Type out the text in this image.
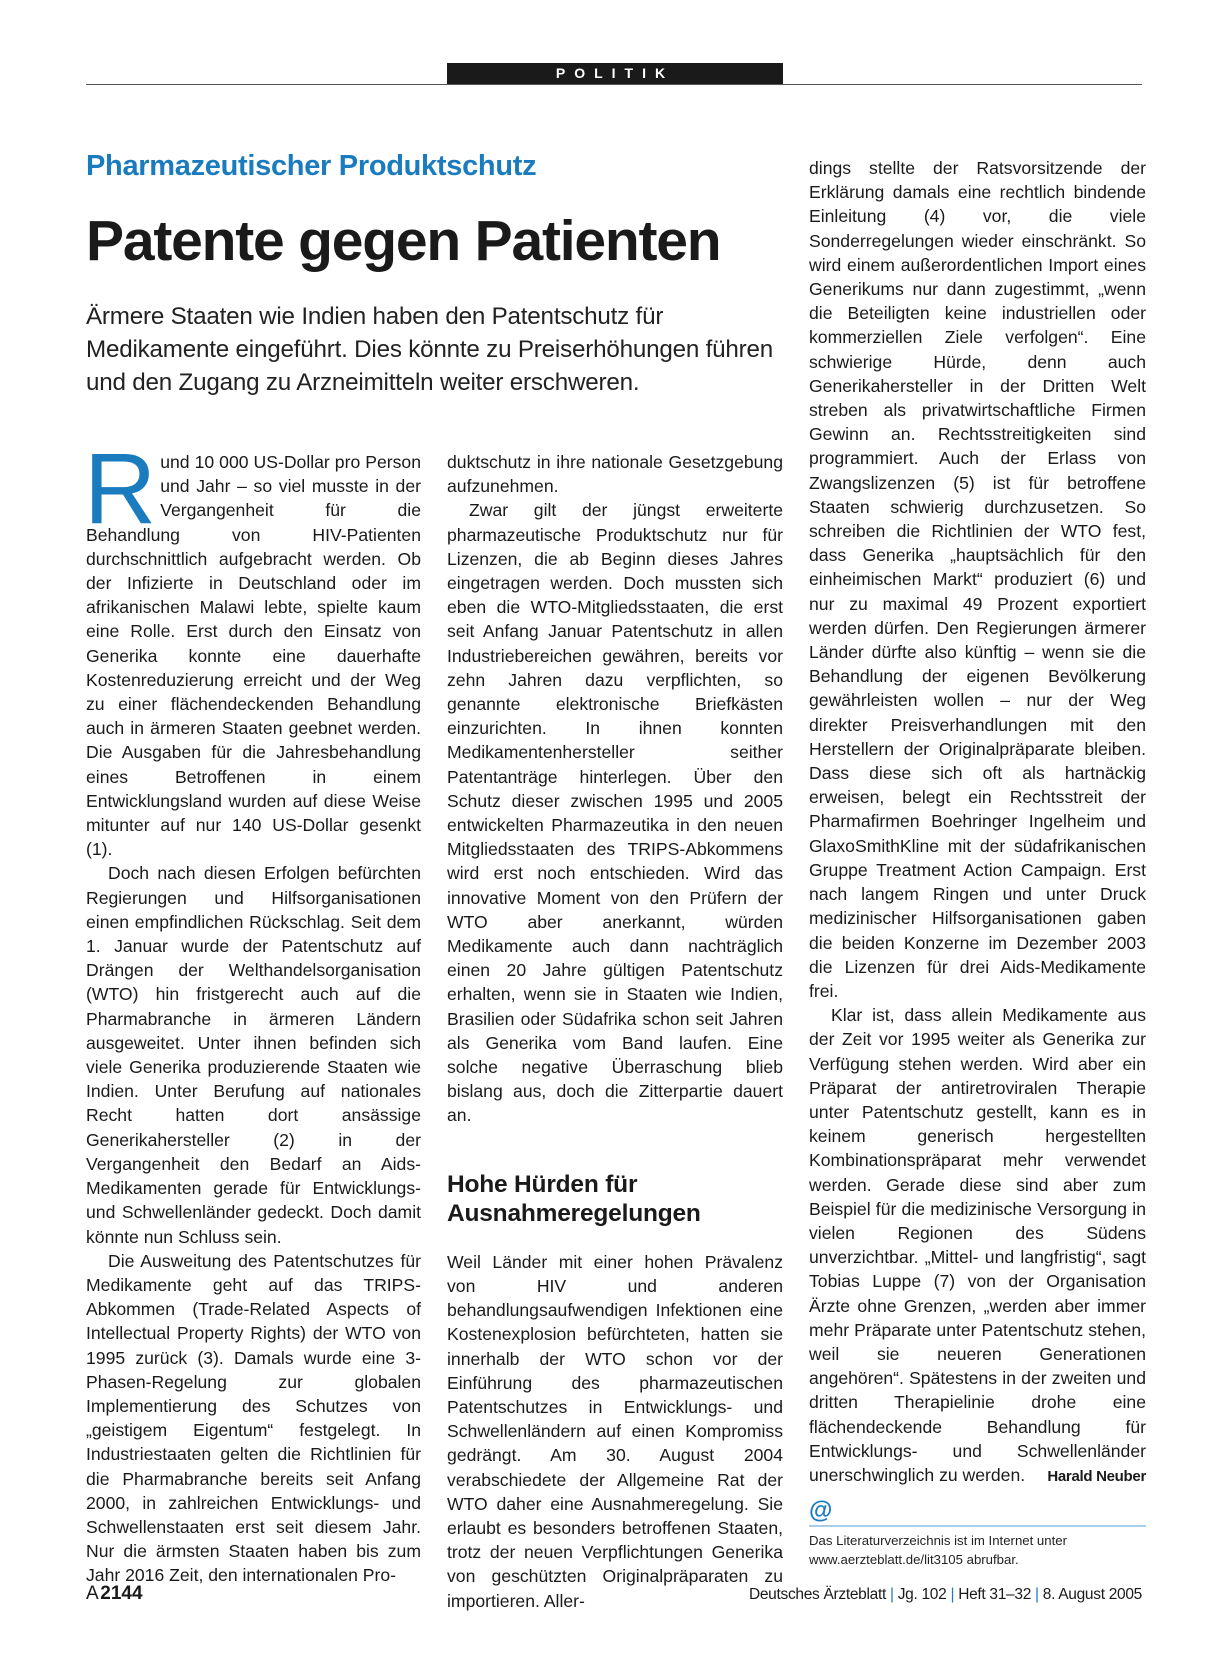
POLITIK
Pharmazeutischer Produktschutz
Patente gegen Patienten
Ärmere Staaten wie Indien haben den Patentschutz für Medikamente eingeführt. Dies könnte zu Preiserhöhungen führen und den Zugang zu Arzneimitteln weiter erschweren.

Rund 10 000 US-Dollar pro Person und Jahr – so viel musste in der Vergangenheit für die Behandlung von HIV-Patienten durchschnittlich aufgebracht werden. Ob der Infizierte in Deutschland oder im afrikanischen Malawi lebte, spielte kaum eine Rolle. Erst durch den Einsatz von Generika konnte eine dauerhafte Kostenreduzierung erreicht und der Weg zu einer flächendeckenden Behandlung auch in ärmeren Staaten geebnet werden. Die Ausgaben für die Jahresbehandlung eines Betroffenen in einem Entwicklungsland wurden auf diese Weise mitunter auf nur 140 US-Dollar gesenkt (1).

Doch nach diesen Erfolgen befürchten Regierungen und Hilfsorganisationen einen empfindlichen Rückschlag. Seit dem 1. Januar wurde der Patentschutz auf Drängen der Welthandelsorganisation (WTO) hin fristgerecht auch auf die Pharmabranche in ärmeren Ländern ausgeweitet. Unter ihnen befinden sich viele Generika produzierende Staaten wie Indien. Unter Berufung auf nationales Recht hatten dort ansässige Generikahersteller (2) in der Vergangenheit den Bedarf an Aids-Medikamenten gerade für Entwicklungs- und Schwellenländer gedeckt. Doch damit könnte nun Schluss sein.

Die Ausweitung des Patentschutzes für Medikamente geht auf das TRIPS-Abkommen (Trade-Related Aspects of Intellectual Property Rights) der WTO von 1995 zurück (3). Damals wurde eine 3-Phasen-Regelung zur globalen Implementierung des Schutzes von „geistigem Eigentum“ festgelegt. In Industriestaaten gelten die Richtlinien für die Pharmabranche bereits seit Anfang 2000, in zahlreichen Entwicklungs- und Schwellenstaaten erst seit diesem Jahr. Nur die ärmsten Staaten haben bis zum Jahr 2016 Zeit, den internationalen Pro-

duktschutz in ihre nationale Gesetzgebung aufzunehmen.

Zwar gilt der jüngst erweiterte pharmazeutische Produktschutz nur für Lizenzen, die ab Beginn dieses Jahres eingetragen werden. Doch mussten sich eben die WTO-Mitgliedsstaaten, die erst seit Anfang Januar Patentschutz in allen Industriebereichen gewähren, bereits vor zehn Jahren dazu verpflichten, so genannte elektronische Briefkästen einzurichten. In ihnen konnten Medikamentenhersteller seither Patentanträge hinterlegen. Über den Schutz dieser zwischen 1995 und 2005 entwickelten Pharmazeutika in den neuen Mitgliedsstaaten des TRIPS-Abkommens wird erst noch entschieden. Wird das innovative Moment von den Prüfern der WTO aber anerkannt, würden Medikamente auch dann nachträglich einen 20 Jahre gültigen Patentschutz erhalten, wenn sie in Staaten wie Indien, Brasilien oder Südafrika schon seit Jahren als Generika vom Band laufen. Eine solche negative Überraschung blieb bislang aus, doch die Zitterpartie dauert an.

Hohe Hürden für Ausnahmeregelungen

Weil Länder mit einer hohen Prävalenz von HIV und anderen behandlungsaufwendigen Infektionen eine Kostenexplosion befürchteten, hatten sie innerhalb der WTO schon vor der Einführung des pharmazeutischen Patentschutzes in Entwicklungs- und Schwellenländern auf einen Kompromiss gedrängt. Am 30. August 2004 verabschiedete der Allgemeine Rat der WTO daher eine Ausnahmeregelung. Sie erlaubt es besonders betroffenen Staaten, trotz der neuen Verpflichtungen Generika von geschützten Originalpräparaten zu importieren. Aller-

dings stellte der Ratsvorsitzende der Erklärung damals eine rechtlich bindende Einleitung (4) vor, die viele Sonderregelungen wieder einschränkt. So wird einem außerordentlichen Import eines Generikums nur dann zugestimmt, „wenn die Beteiligten keine industriellen oder kommerziellen Ziele verfolgen“. Eine schwierige Hürde, denn auch Generikahersteller in der Dritten Welt streben als privatwirtschaftliche Firmen Gewinn an. Rechtsstreitigkeiten sind programmiert. Auch der Erlass von Zwangslizenzen (5) ist für betroffene Staaten schwierig durchzusetzen. So schreiben die Richtlinien der WTO fest, dass Generika „hauptsächlich für den einheimischen Markt“ produziert (6) und nur zu maximal 49 Prozent exportiert werden dürfen. Den Regierungen ärmerer Länder dürfte also künftig – wenn sie die Behandlung der eigenen Bevölkerung gewährleisten wollen – nur der Weg direkter Preisverhandlungen mit den Herstellern der Originalpräparate bleiben. Dass diese sich oft als hartnäckig erweisen, belegt ein Rechtsstreit der Pharmafirmen Boehringer Ingelheim und GlaxoSmithKline mit der südafrikanischen Gruppe Treatment Action Campaign. Erst nach langem Ringen und unter Druck medizinischer Hilfsorganisationen gaben die beiden Konzerne im Dezember 2003 die Lizenzen für drei Aids-Medikamente frei.

Klar ist, dass allein Medikamente aus der Zeit vor 1995 weiter als Generika zur Verfügung stehen werden. Wird aber ein Präparat der antiretroviralen Therapie unter Patentschutz gestellt, kann es in keinem generisch hergestellten Kombinationspräparat mehr verwendet werden. Gerade diese sind aber zum Beispiel für die medizinische Versorgung in vielen Regionen des Südens unverzichtbar. „Mittel- und langfristig“, sagt Tobias Luppe (7) von der Organisation Ärzte ohne Grenzen, „werden aber immer mehr Präparate unter Patentschutz stehen, weil sie neueren Generationen angehören“. Spätestens in der zweiten und dritten Therapielinie drohe eine flächendeckende Behandlung für Entwicklungs- und Schwellenländer unerschwinglich zu werden.	Harald Neuber

@
Das Literaturverzeichnis ist im Internet unter
www.aerzteblatt.de/lit3105 abrufbar.
A 2144	Deutsches Ärzteblatt | Jg. 102 | Heft 31–32 | 8. August 2005
